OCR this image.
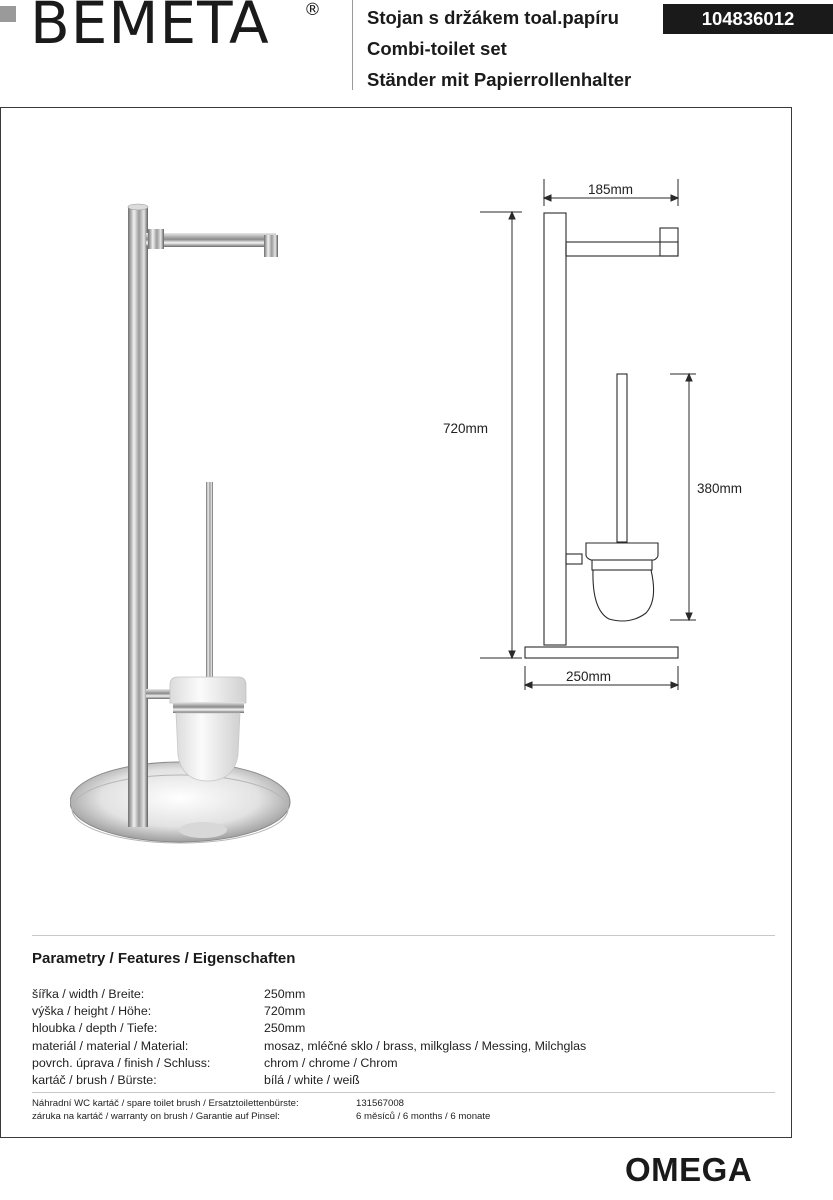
BEMETA ® Stojan s držákem toal.papíru
Combi-toilet set
Ständer mit Papierrollenhalter
104836012
185mm
720mm
380mm
250mm
Parametry / Features / Eigenschaften
šířka / width / Breite:	250mm
výška / height / Höhe:	720mm
hloubka / depth / Tiefe:	250mm
materiál / material / Material:	mosaz, mléčné sklo / brass, milkglass / Messing, Milchglas
povrch. úprava / finish / Schluss:	chrom / chrome / Chrom
kartáč / brush / Bürste:	bílá / white / weiß
Náhradní WC kartáč / spare toilet brush / Ersatztoilettenbürste:	131567008
záruka na kartáč / warranty on brush / Garantie auf Pinsel:	6 měsíců / 6 months / 6 monate
OMEGA
